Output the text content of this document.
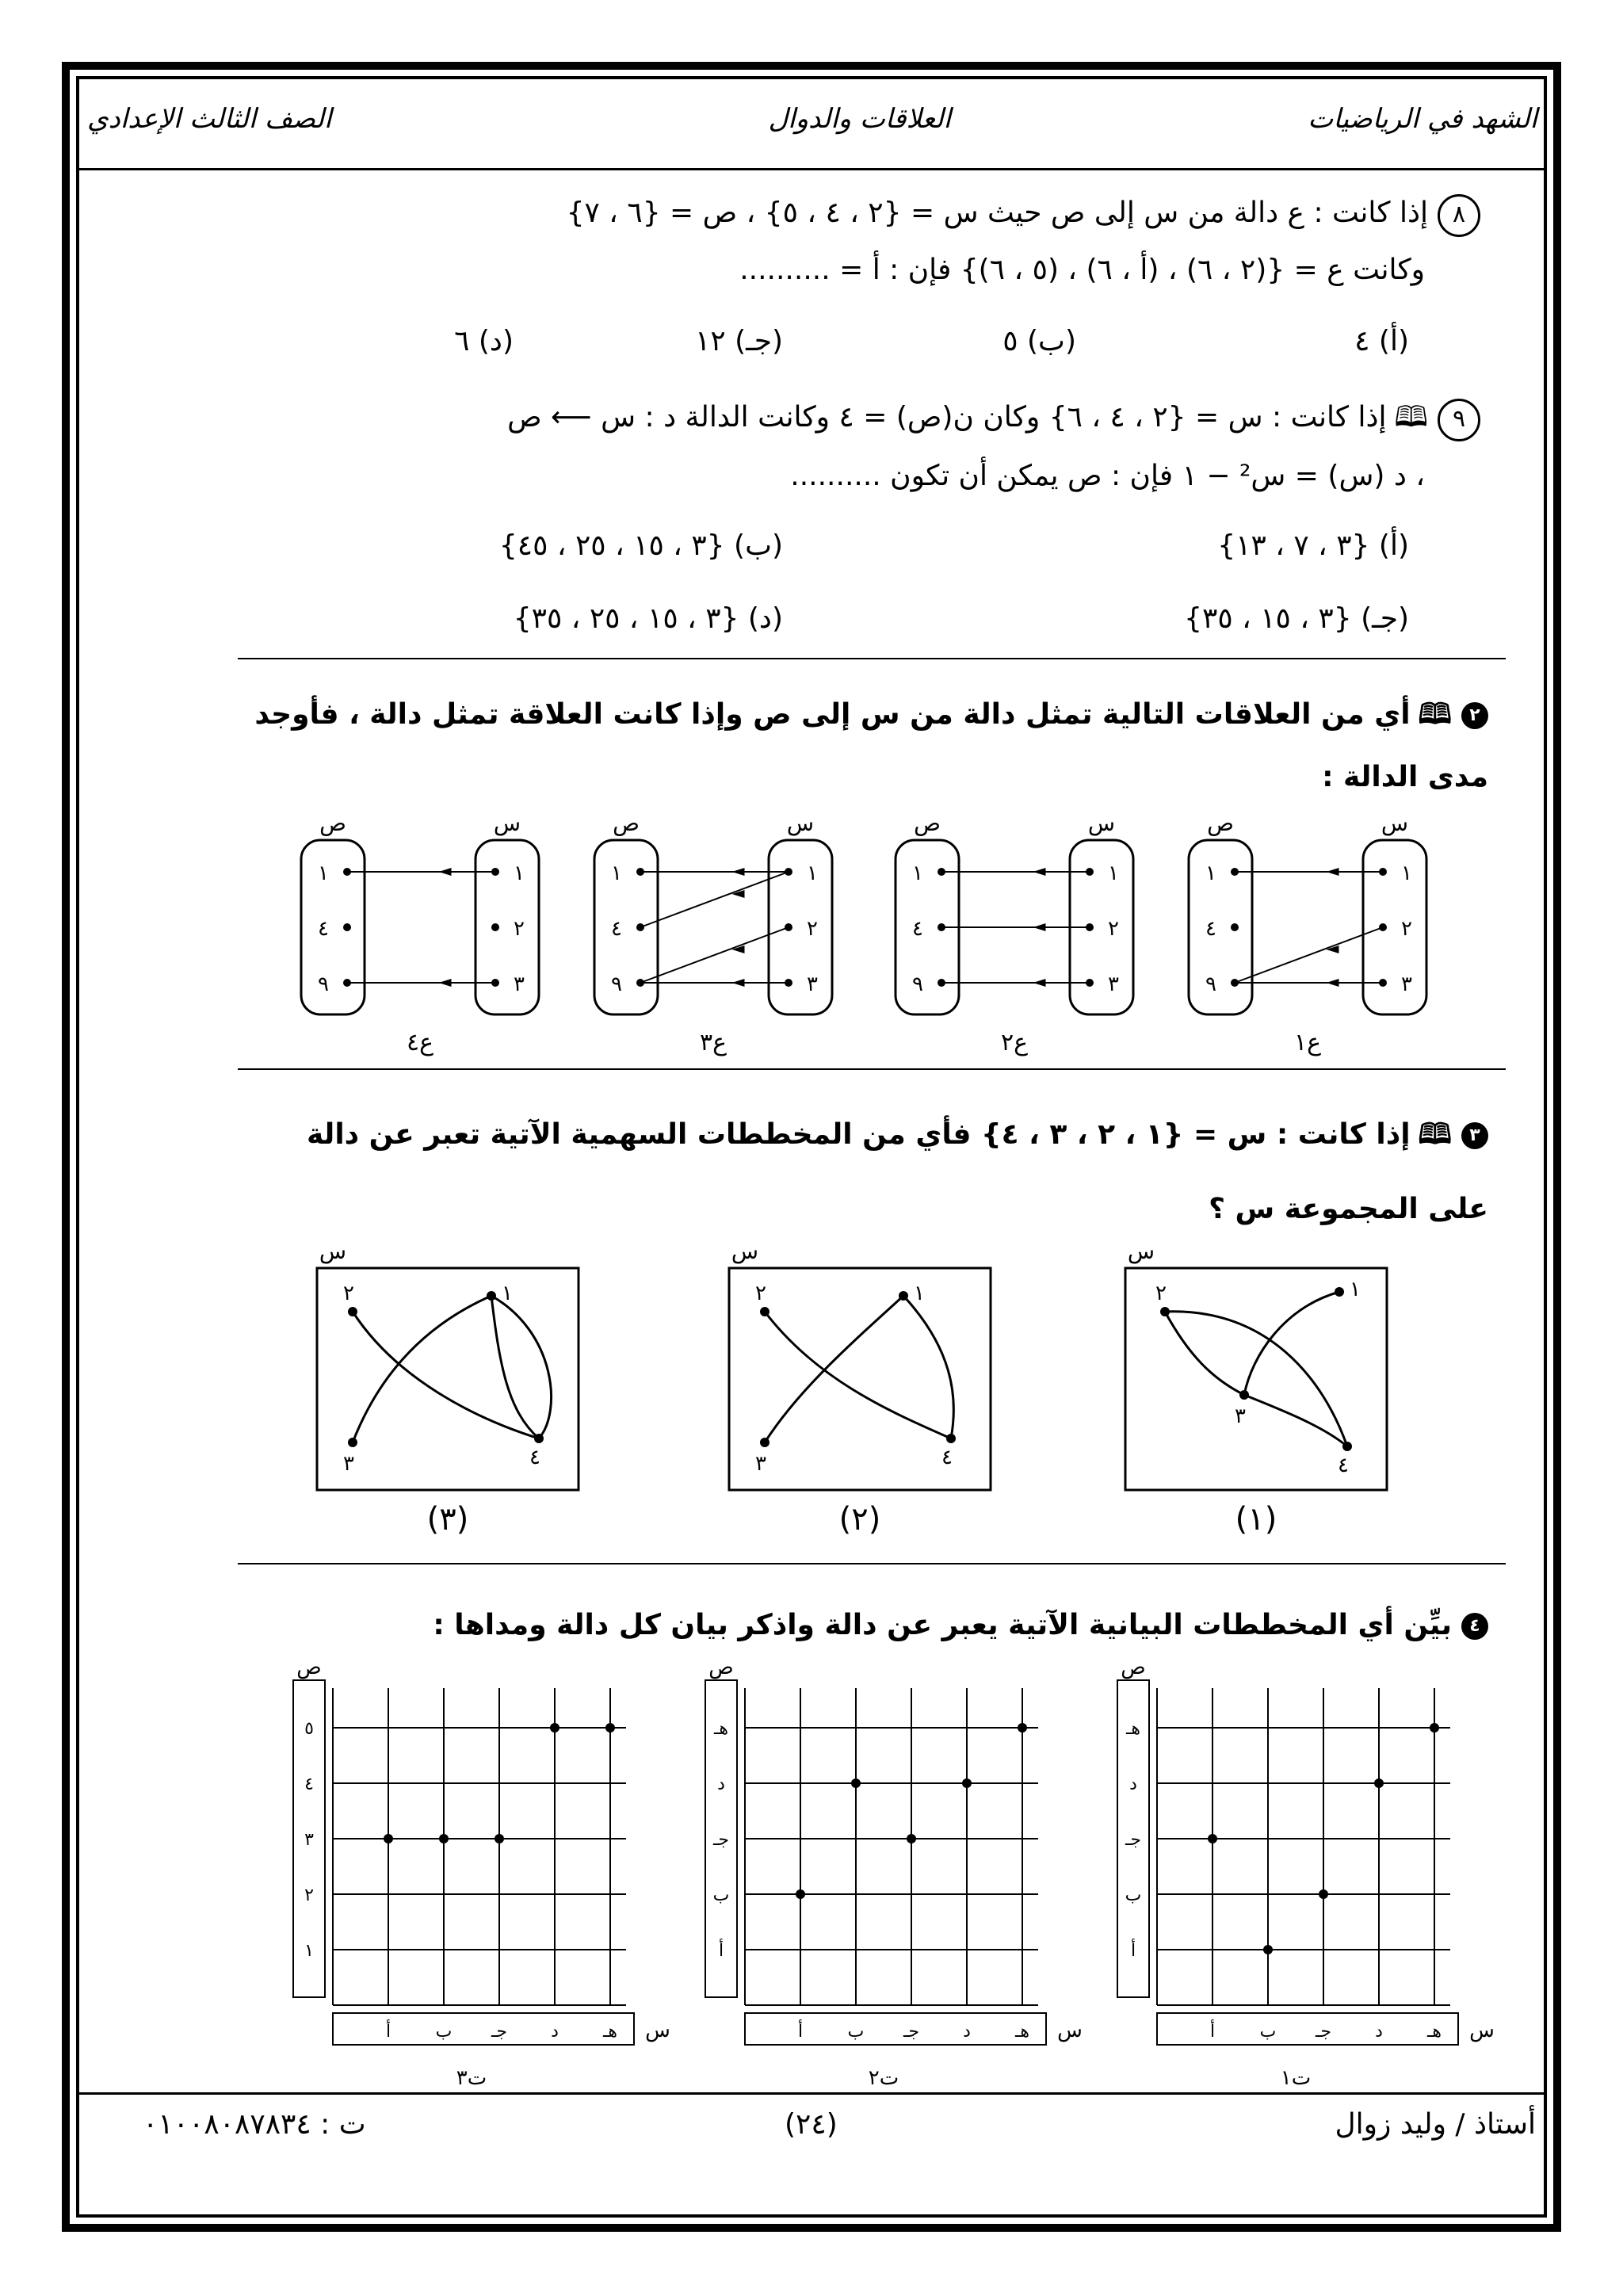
الشهد في الرياضيات
العلاقات والدوال
الصف الثالث الإعدادي
٨إذا كانت : ع دالة من س إلى ص حيث س = {٢ ، ٤ ، ٥} ، ص = {٦ ، ٧}
وكانت ع = {(٢ ، ٦) ، (أ ، ٦) ، (٥ ، ٦)} فإن : أ = ..........
(أ) ٤
(ب) ٥
(جـ) ١٢
(د) ٦
٩🕮إذا كانت : س = {٢ ، ٤ ، ٦} وكان ن(ص) = ٤ وكانت الدالة د : س ⟵ ص
، د (س) = س² − ١ فإن : ص يمكن أن تكون ..........
(أ) {٣ ، ٧ ، ١٣}
(ب) {٣ ، ١٥ ، ٢٥ ، ٤٥}
(جـ) {٣ ، ١٥ ، ٣٥}
(د) {٣ ، ١٥ ، ٢٥ ، ٣٥}
٢🕮أي من العلاقات التالية تمثل دالة من س إلى ص وإذا كانت العلاقة تمثل دالة ، فأوجد
مدى الدالة :
س
ص
١
٢
٣
١
٤
٩
ع١
س
ص
١
٢
٣
١
٤
٩
ع٢
س
ص
١
٢
٣
١
٤
٩
ع٣
س
ص
١
٢
٣
١
٤
٩
ع٤
٣🕮إذا كانت : س = {١ ، ٢ ، ٣ ، ٤} فأي من المخططات السهمية الآتية تعبر عن دالة
على المجموعة س ؟
س
١
٢
٣
٤
(١)
س
١
٢
٣	٤
(٢)
س
١
٢
٣	٤
(٣)
٤بيِّن أي المخططات البيانية الآتية يعبر عن دالة واذكر بيان كل دالة ومداها :
ص
س
أ	ب جـ	د	هـ
أ
ب
جـ
د
هـ
ت١
ص
س
أ	ب جـ	د	هـ
أ
ب
جـ
د
هـ
ت٢
ص
س
أ	ب جـ	د	هـ
١
٢
٣
٤
٥
ت٣
أستاذ / وليد زوال
(٢٤)
ت : ٠١٠٠٨٠٨٧٨٣٤
